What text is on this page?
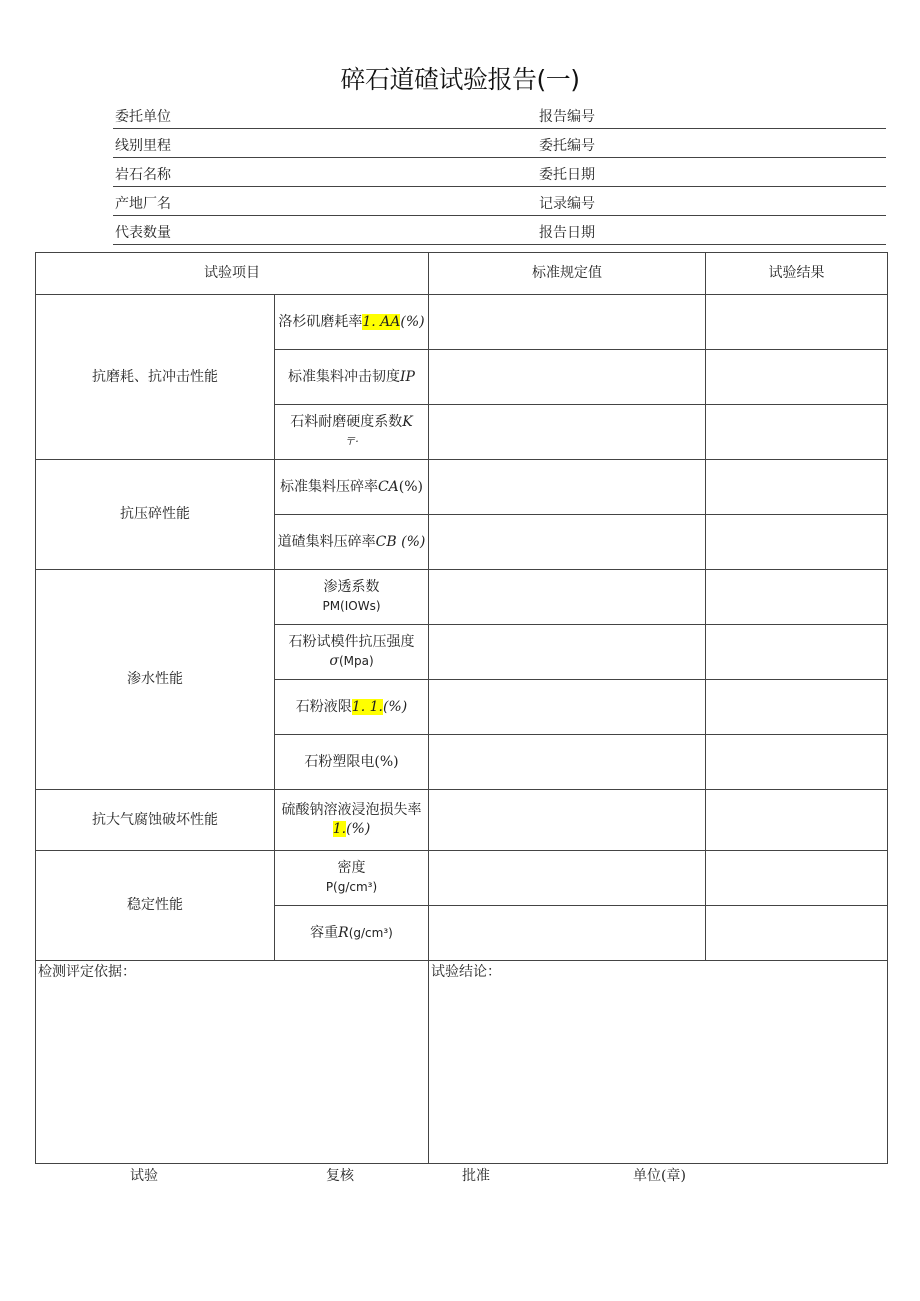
碎石道碴试验报告(一)
委托单位	报告编号
线别里程	委托编号
岩石名称	委托日期
产地厂名	记录编号
代表数量	报告日期
试验项目		标准规定值	试验结果
抗磨耗、抗冲击性能	洛杉矶磨耗率1. AA(%)		
	标准集料冲击韧度IP		
	石料耐磨硬度系数K
〒·		
抗压碎性能	标准集料压碎率CA(%)		
	道碴集料压碎率CB (%)		
渗水性能	渗透系数
PM(IOWs)		
	石粉试模件抗压强度
σ(Mpa)		
	石粉液限1. 1.(%)		
	石粉塑限电(%)		
抗大气腐蚀破坏性能	硫酸钠溶液浸泡损失率
1.(%)		
稳定性能	密度
P(g/cm³)		
	容重R(g/cm³)		
检测评定依据：		试验结论：	
试验	复核	批准	单位(章)
